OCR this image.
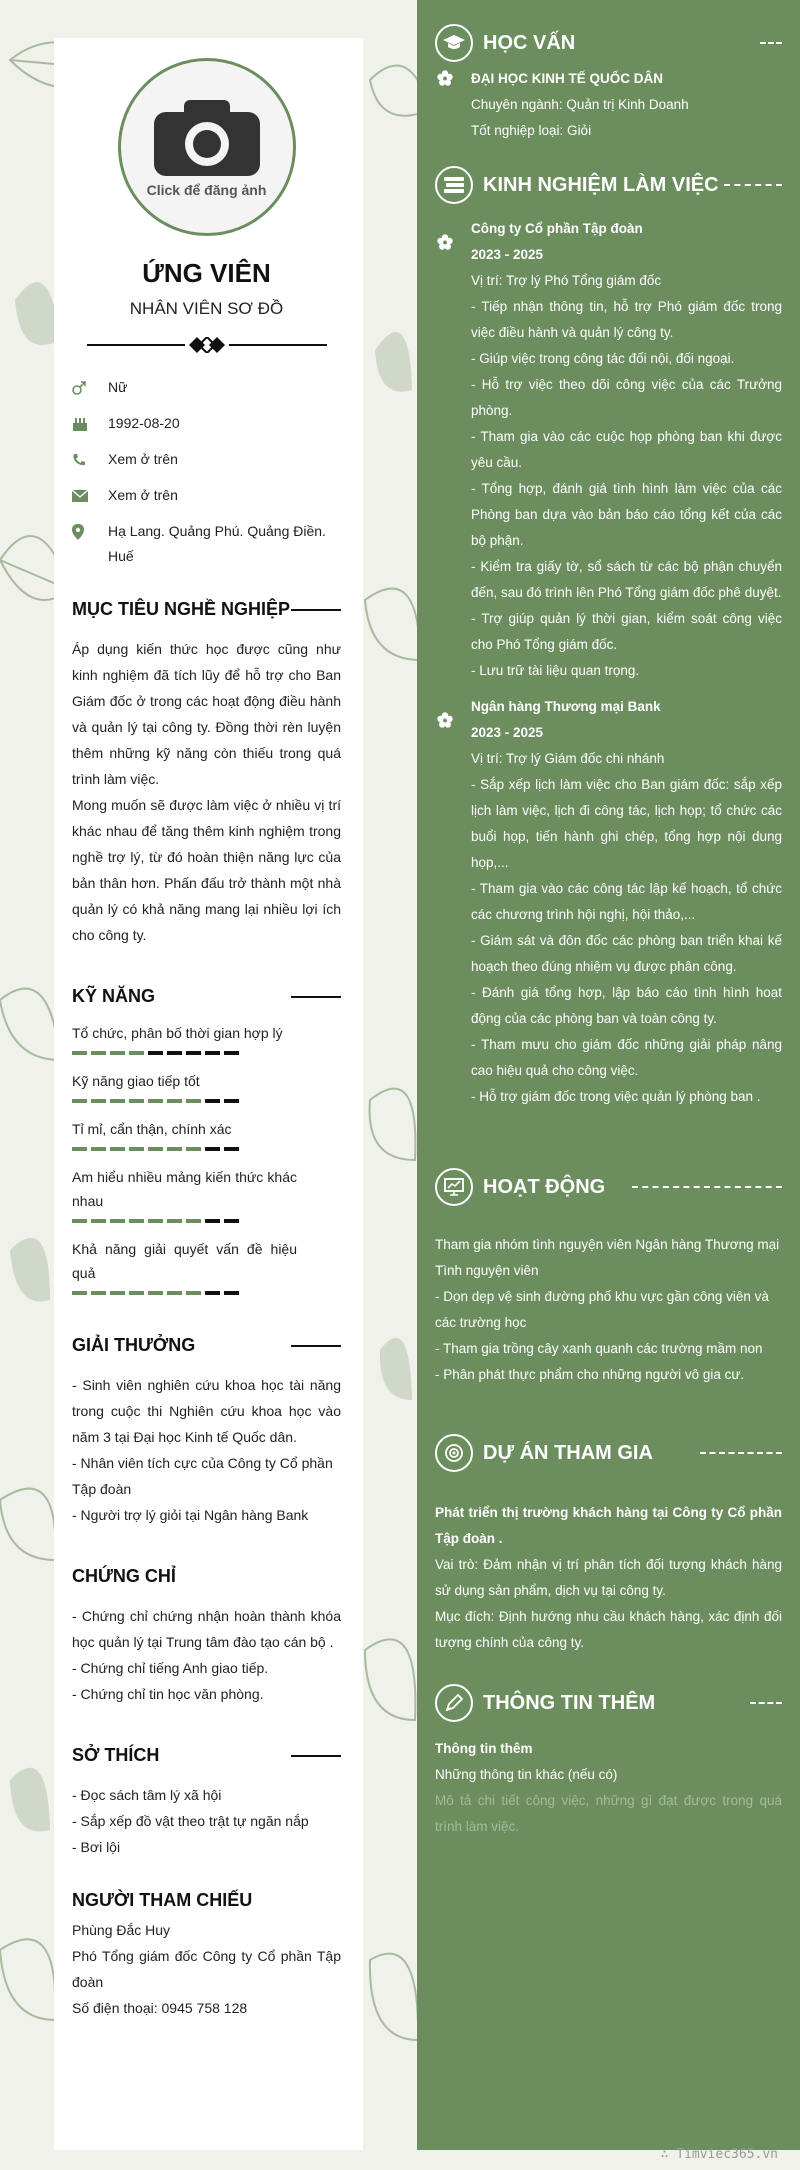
Click để đăng ảnh
ỨNG VIÊN
NHÂN VIÊN SƠ ĐỒ
Nữ
1992-08-20
Xem ở trên
Xem ở trên
Hạ Lang. Quảng Phú. Quảng Điền. Huế
MỤC TIÊU NGHỀ NGHIỆP

Áp dụng kiến thức học được cũng như kinh nghiệm đã tích lũy để hỗ trợ cho Ban Giám đốc ở trong các hoạt động điều hành và quản lý tại công ty. Đồng thời rèn luyện thêm những kỹ năng còn thiếu trong quá trình làm việc.

Mong muốn sẽ được làm việc ở nhiều vị trí khác nhau để tăng thêm kinh nghiệm trong nghề trợ lý, từ đó hoàn thiện năng lực của bản thân hơn. Phấn đấu trở thành một nhà quản lý có khả năng mang lại nhiều lợi ích cho công ty.

KỸ NĂNG
Tổ chức, phân bố thời gian hợp lý
Kỹ năng giao tiếp tốt
Tỉ mỉ, cẩn thận, chính xác
Am hiểu nhiều mảng kiến thức khác nhau
Khả năng giải quyết vấn đề hiệu quả
GIẢI THƯỞNG

- Sinh viên nghiên cứu khoa học tài năng trong cuộc thi Nghiên cứu khoa học vào năm 3 tại Đại học Kinh tế Quốc dân.

- Nhân viên tích cực của Công ty Cổ phần Tập đoàn

- Người trợ lý giỏi tại Ngân hàng Bank

CHỨNG CHỈ

- Chứng chỉ chứng nhận hoàn thành khóa học quản lý tại Trung tâm đào tạo cán bộ .

- Chứng chỉ tiếng Anh giao tiếp.

- Chứng chỉ tin học văn phòng.

SỞ THÍCH

- Đọc sách tâm lý xã hội

- Sắp xếp đồ vật theo trật tự ngăn nắp

- Bơi lội

NGƯỜI THAM CHIẾU

Phùng Đắc Huy

Phó Tổng giám đốc Công ty Cổ phần Tập đoàn

Số điện thoại: 0945 758 128

HỌC VẤN
ĐẠI HỌC KINH TẾ QUỐC DÂN
Chuyên ngành: Quản trị Kinh Doanh
Tốt nghiệp loại: Giỏi
KINH NGHIỆM LÀM VIỆC
Công ty Cổ phần Tập đoàn
2023 - 2025
Vị trí: Trợ lý Phó Tổng giám đốc
- Tiếp nhận thông tin, hỗ trợ Phó giám đốc trong việc điều hành và quản lý công ty.
- Giúp việc trong công tác đối nội, đối ngoại.
- Hỗ trợ việc theo dõi công việc của các Trưởng phòng.
- Tham gia vào các cuộc họp phòng ban khi được yêu cầu.
- Tổng hợp, đánh giá tình hình làm việc của các Phòng ban dựa vào bản báo cáo tổng kết của các bộ phận.
- Kiểm tra giấy tờ, sổ sách từ các bộ phận chuyển đến, sau đó trình lên Phó Tổng giám đốc phê duyệt.
- Trợ giúp quản lý thời gian, kiểm soát công việc cho Phó Tổng giám đốc.
- Lưu trữ tài liệu quan trọng.
Ngân hàng Thương mại Bank
2023 - 2025
Vị trí: Trợ lý Giám đốc chi nhánh
- Sắp xếp lịch làm việc cho Ban giám đốc: sắp xếp lịch làm việc, lịch đi công tác, lịch họp; tổ chức các buổi họp, tiến hành ghi chép, tổng hợp nội dung họp,...
- Tham gia vào các công tác lập kế hoạch, tổ chức các chương trình hội nghị, hội thảo,...
- Giám sát và đôn đốc các phòng ban triển khai kế hoạch theo đúng nhiệm vụ được phân công.
- Đánh giá tổng hợp, lập báo cáo tình hình hoạt động của các phòng ban và toàn công ty.
- Tham mưu cho giám đốc những giải pháp nâng cao hiệu quả cho công việc.
- Hỗ trợ giám đốc trong việc quản lý phòng ban .
HOẠT ĐỘNG
Tham gia nhóm tình nguyện viên Ngân hàng Thương mại
Tình nguyện viên
- Dọn dẹp vệ sinh đường phố khu vực gần công viên và các trường học
- Tham gia trồng cây xanh quanh các trường mầm non
- Phân phát thực phẩm cho những người vô gia cư.
DỰ ÁN THAM GIA
Phát triển thị trường khách hàng tại Công ty Cổ phần Tập đoàn .
Vai trò: Đảm nhận vị trí phân tích đối tượng khách hàng sử dụng sản phẩm, dịch vụ tại công ty.
Mục đích: Định hướng nhu cầu khách hàng, xác định đối tượng chính của công ty.
THÔNG TIN THÊM
Thông tin thêm
Những thông tin khác (nếu có)
Mô tả chi tiết công việc, những gì đạt được trong quá trình làm việc.
∴ Timviec365.vn
